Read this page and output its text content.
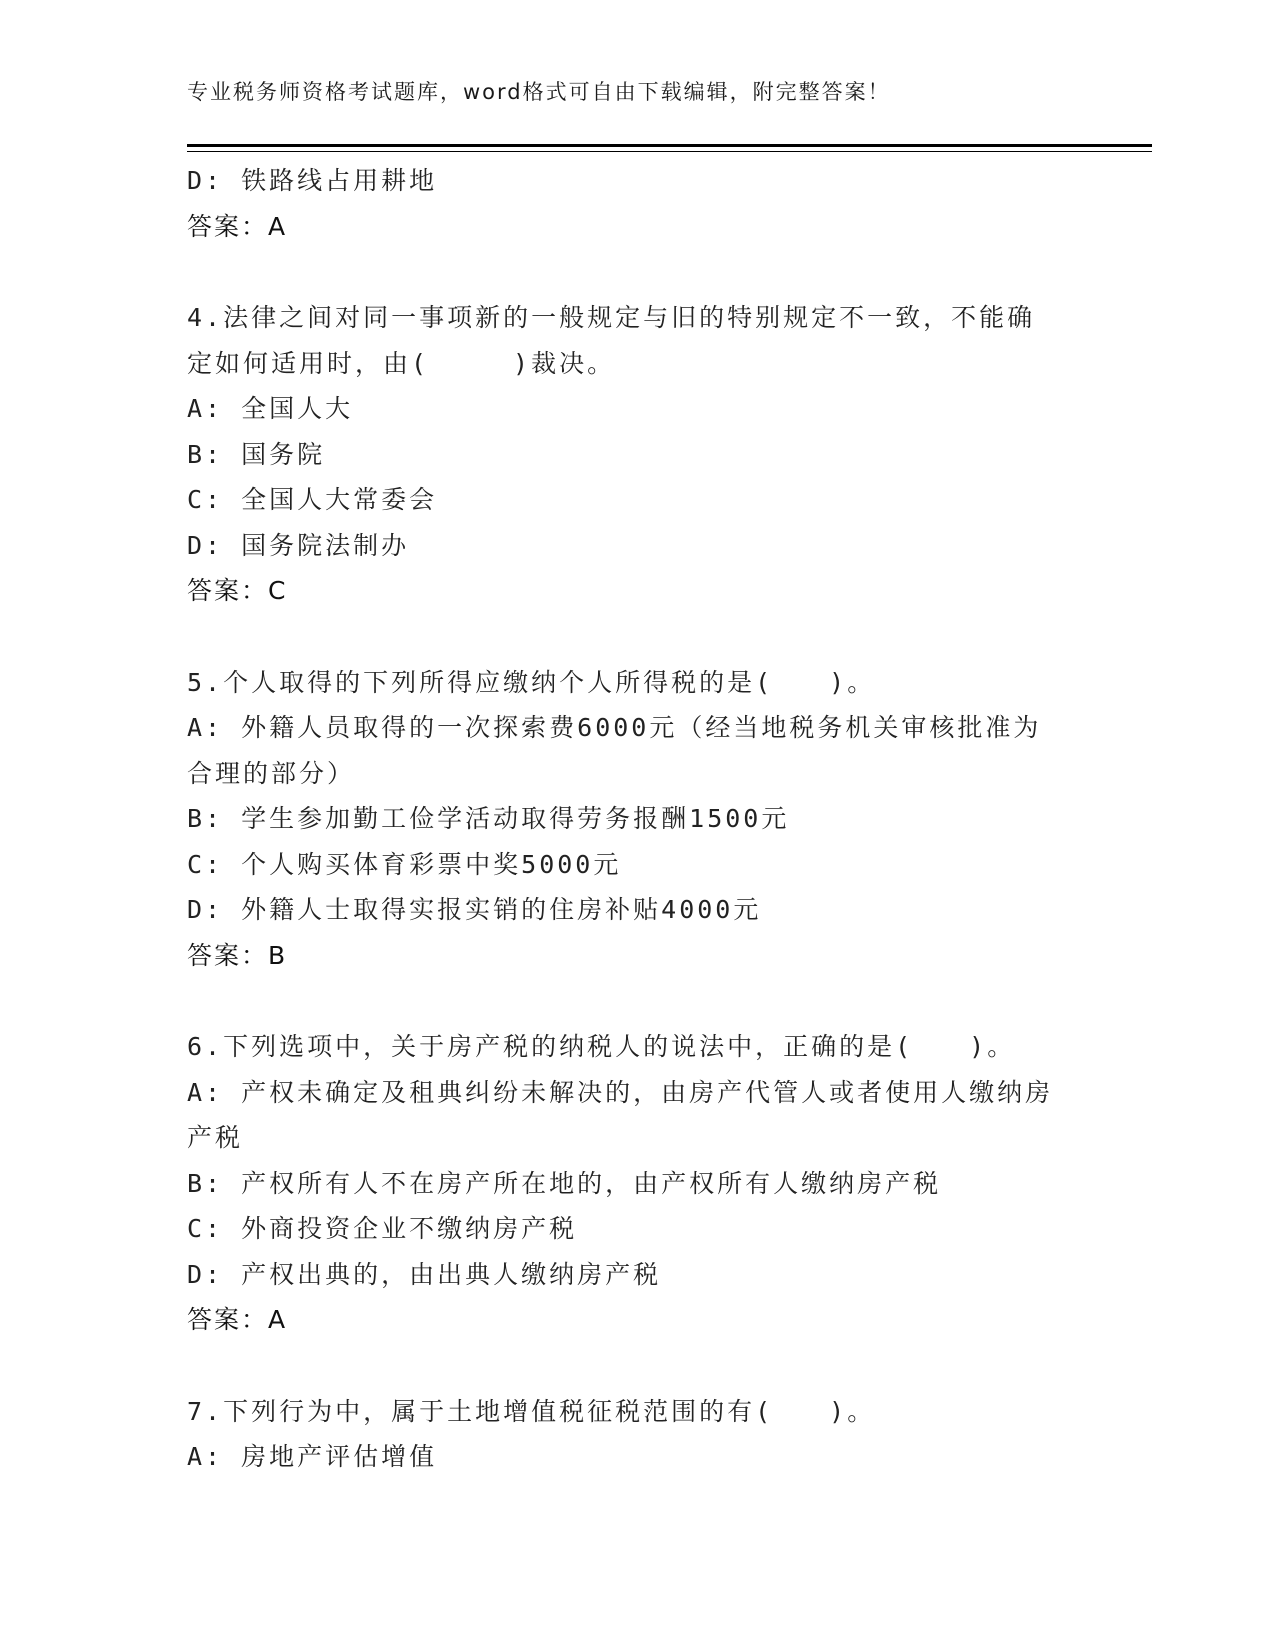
专业税务师资格考试题库，word格式可自由下载编辑，附完整答案！
D: 铁路线占用耕地
答案：A
4.法律之间对同一事项新的一般规定与旧的特别规定不一致，不能确
定如何适用时，由(　　　)裁决。
A: 全国人大
B: 国务院
C: 全国人大常委会
D: 国务院法制办
答案：C
5.个人取得的下列所得应缴纳个人所得税的是(　　)。
A: 外籍人员取得的一次探索费6000元（经当地税务机关审核批准为
合理的部分）
B: 学生参加勤工俭学活动取得劳务报酬1500元
C: 个人购买体育彩票中奖5000元
D: 外籍人士取得实报实销的住房补贴4000元
答案：B
6.下列选项中，关于房产税的纳税人的说法中，正确的是(　　)。
A: 产权未确定及租典纠纷未解决的，由房产代管人或者使用人缴纳房
产税
B: 产权所有人不在房产所在地的，由产权所有人缴纳房产税
C: 外商投资企业不缴纳房产税
D: 产权出典的，由出典人缴纳房产税
答案：A
7.下列行为中，属于土地增值税征税范围的有(　　)。
A: 房地产评估增值
